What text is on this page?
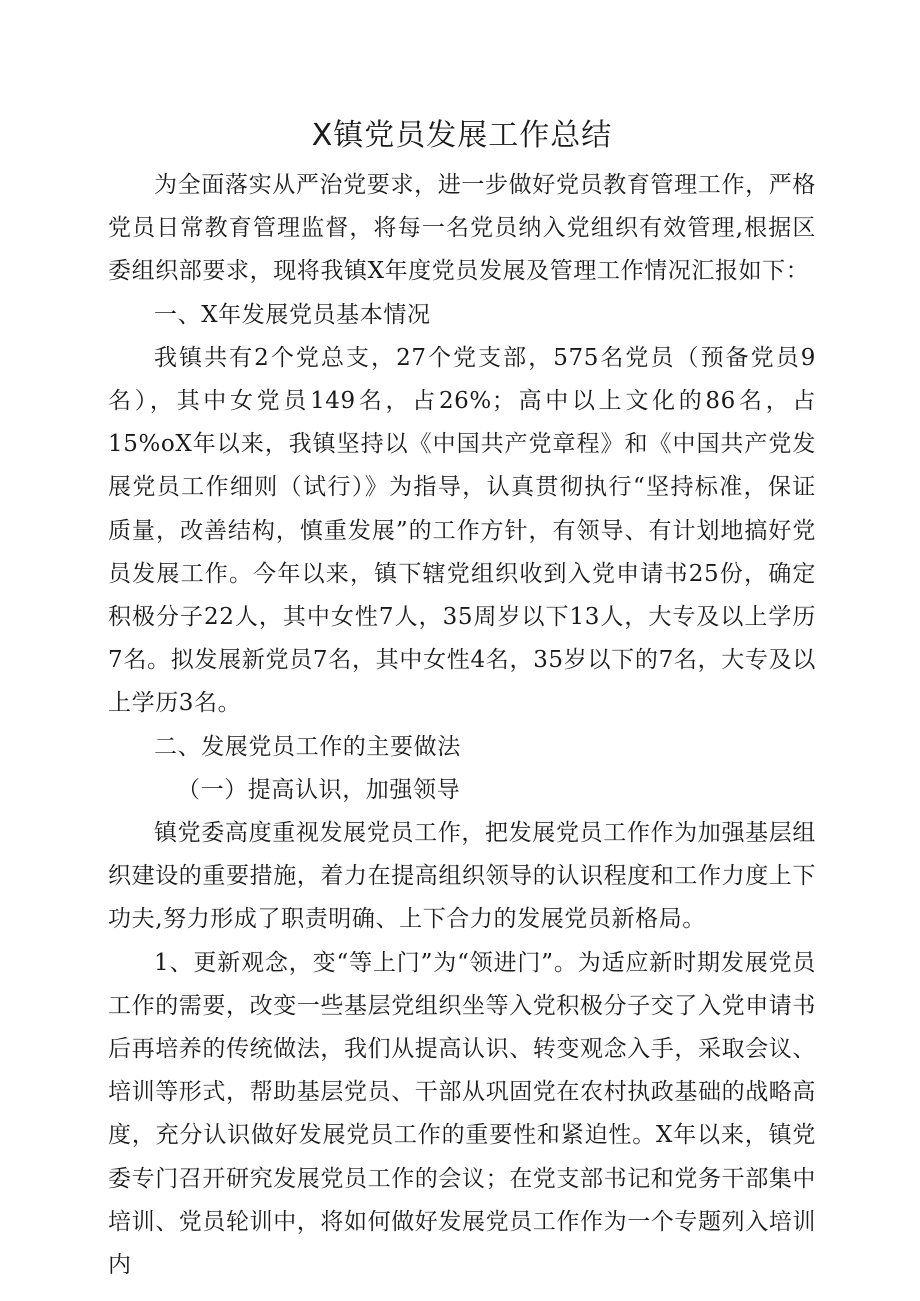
X镇党员发展工作总结

为全面落实从严治党要求，进一步做好党员教育管理工作，严格党员日常教育管理监督，将每一名党员纳入党组织有效管理,根据区委组织部要求，现将我镇X年度党员发展及管理工作情况汇报如下：

一、X年发展党员基本情况

我镇共有2个党总支，27个党支部，575名党员（预备党员9名），其中女党员149名，占26%；高中以上文化的86名，占15%oX年以来，我镇坚持以《中国共产党章程》和《中国共产党发展党员工作细则（试行）》为指导，认真贯彻执行“坚持标准，保证质量，改善结构，慎重发展”的工作方针，有领导、有计划地搞好党员发展工作。今年以来，镇下辖党组织收到入党申请书25份，确定积极分子22人，其中女性7人，35周岁以下13人，大专及以上学历7名。拟发展新党员7名，其中女性4名，35岁以下的7名，大专及以上学历3名。

二、发展党员工作的主要做法

（一）提高认识，加强领导

镇党委高度重视发展党员工作，把发展党员工作作为加强基层组织建设的重要措施，着力在提高组织领导的认识程度和工作力度上下功夫,努力形成了职责明确、上下合力的发展党员新格局。

1、更新观念，变“等上门”为“领进门”。为适应新时期发展党员工作的需要，改变一些基层党组织坐等入党积极分子交了入党申请书后再培养的传统做法，我们从提高认识、转变观念入手，采取会议、培训等形式，帮助基层党员、干部从巩固党在农村执政基础的战略高度，充分认识做好发展党员工作的重要性和紧迫性。X年以来，镇党委专门召开研究发展党员工作的会议；在党支部书记和党务干部集中培训、党员轮训中，将如何做好发展党员工作作为一个专题列入培训内
